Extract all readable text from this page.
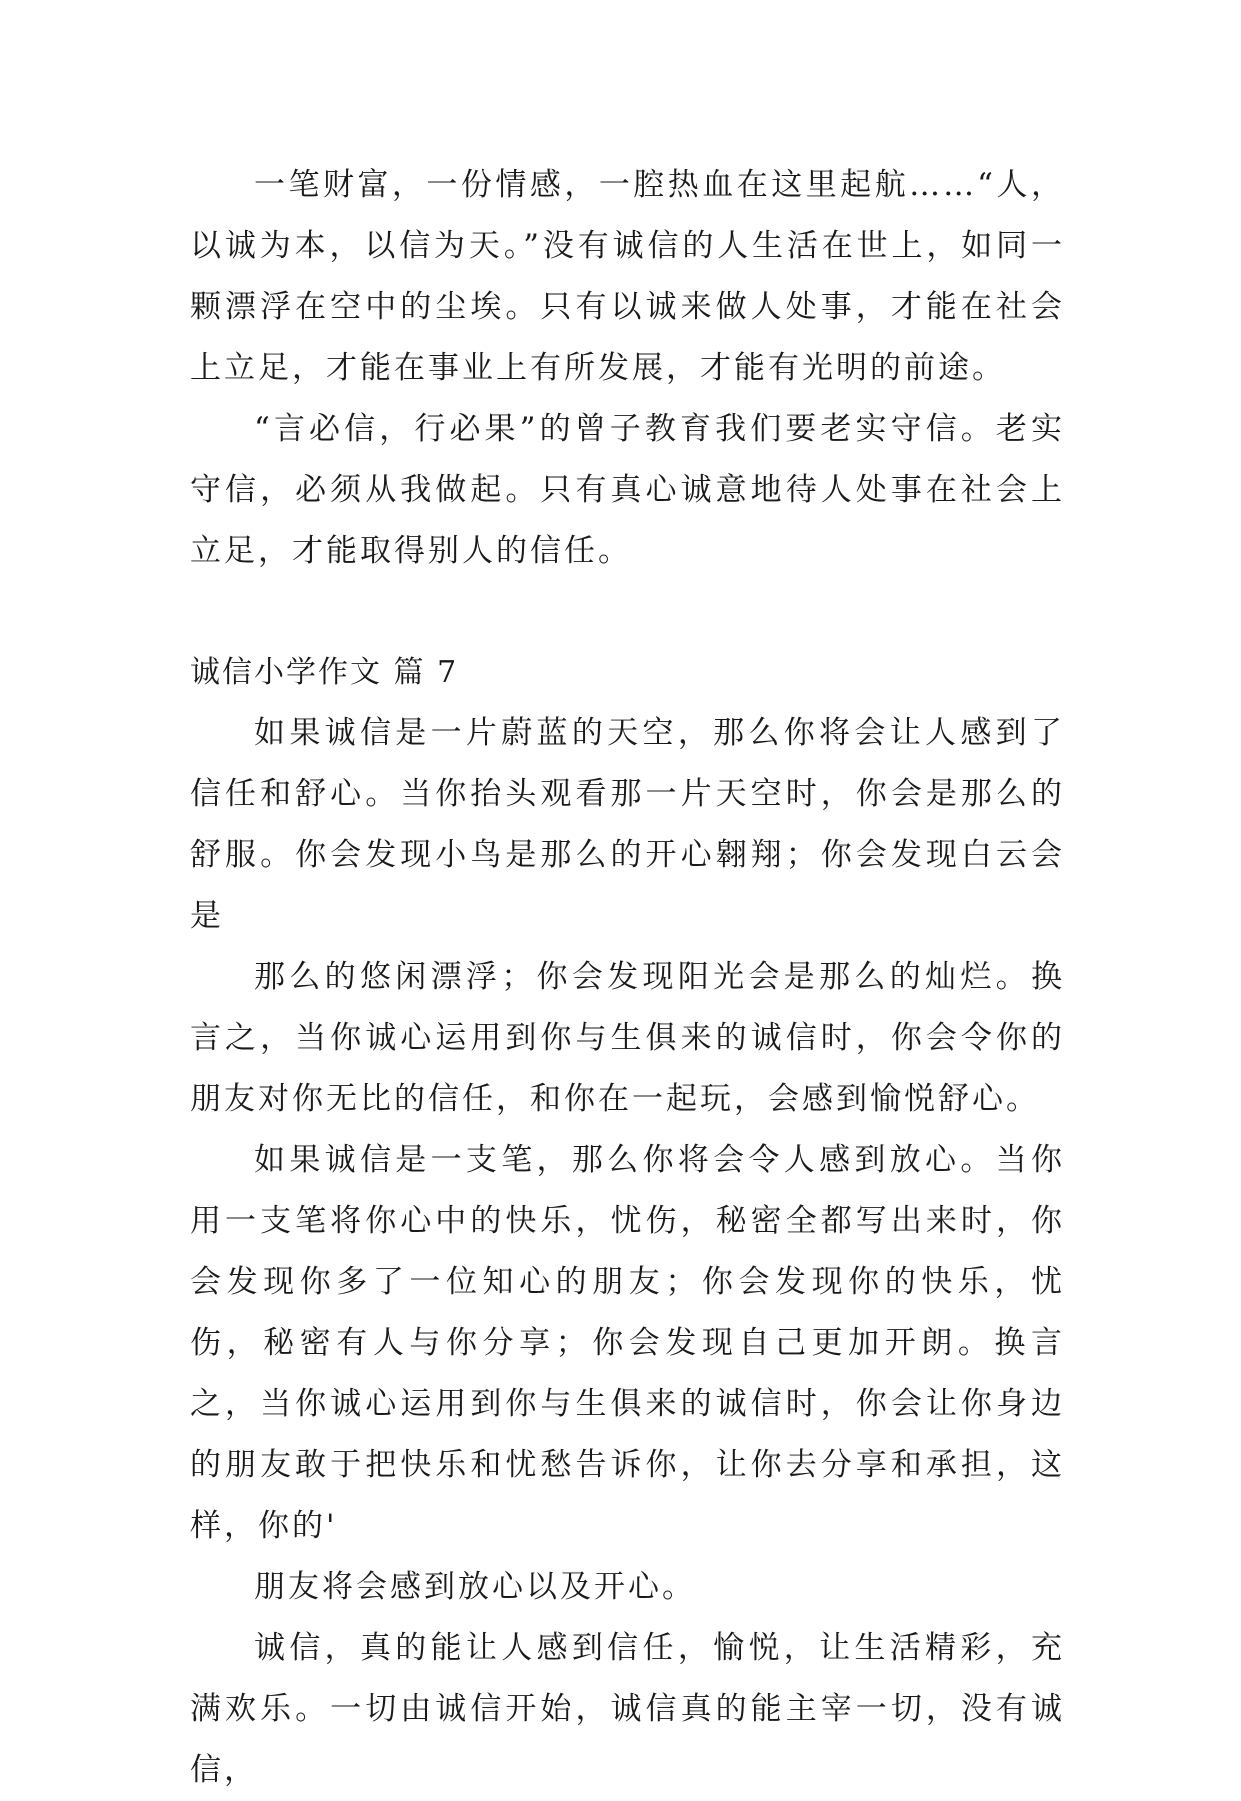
一笔财富，一份情感，一腔热血在这里起航……“人，以诚为本，以信为天。”没有诚信的人生活在世上，如同一颗漂浮在空中的尘埃。只有以诚来做人处事，才能在社会上立足，才能在事业上有所发展，才能有光明的前途。

“言必信，行必果”的曾子教育我们要老实守信。老实守信，必须从我做起。只有真心诚意地待人处事在社会上立足，才能取得别人的信任。

诚信小学作文 篇 7

如果诚信是一片蔚蓝的天空，那么你将会让人感到了信任和舒心。当你抬头观看那一片天空时，你会是那么的舒服。你会发现小鸟是那么的开心翱翔；你会发现白云会是

那么的悠闲漂浮；你会发现阳光会是那么的灿烂。换言之，当你诚心运用到你与生俱来的诚信时，你会令你的朋友对你无比的信任，和你在一起玩，会感到愉悦舒心。

如果诚信是一支笔，那么你将会令人感到放心。当你用一支笔将你心中的快乐，忧伤，秘密全都写出来时，你会发现你多了一位知心的朋友；你会发现你的快乐，忧伤，秘密有人与你分享；你会发现自己更加开朗。换言之，当你诚心运用到你与生俱来的诚信时，你会让你身边的朋友敢于把快乐和忧愁告诉你，让你去分享和承担，这样，你的'

朋友将会感到放心以及开心。

诚信，真的能让人感到信任，愉悦，让生活精彩，充满欢乐。一切由诚信开始，诚信真的能主宰一切，没有诚信，
